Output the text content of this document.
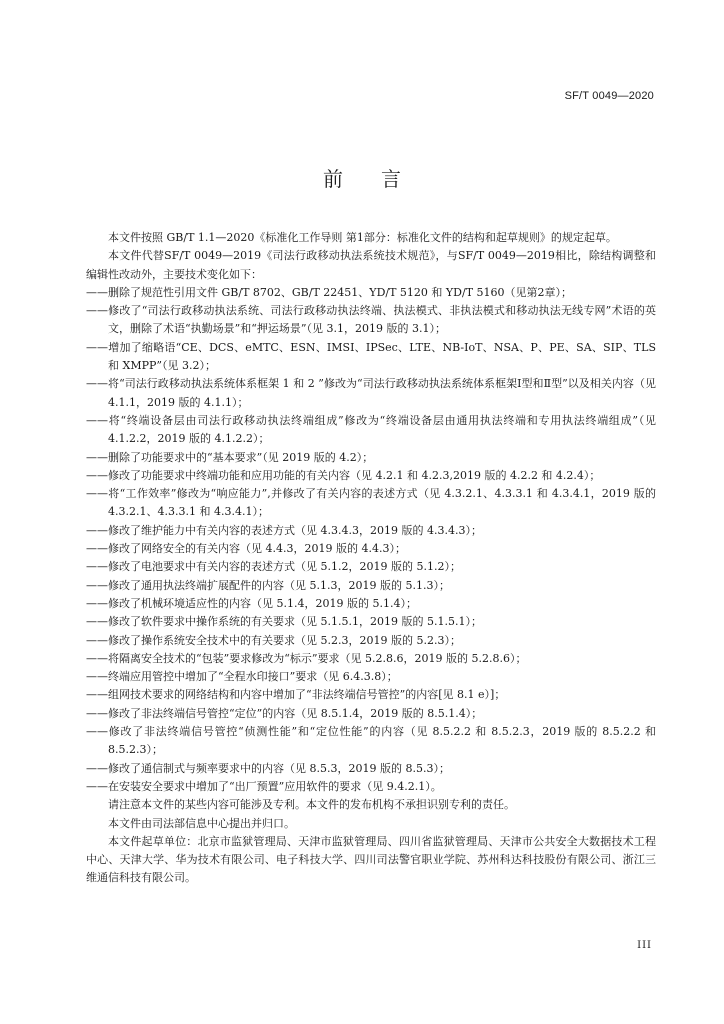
SF/T 0049—2020
前言

本文件按照 GB/T 1.1—2020《标准化工作导则 第1部分：标准化文件的结构和起草规则》的规定起草。

本文件代替SF/T 0049—2019《司法行政移动执法系统技术规范》，与SF/T 0049—2019相比，除结构调整和编辑性改动外，主要技术变化如下：

——删除了规范性引用文件 GB/T 8702、GB/T 22451、YD/T 5120 和 YD/T 5160（见第2章）；

——修改了“司法行政移动执法系统、司法行政移动执法终端、执法模式、非执法模式和移动执法无线专网”术语的英文，删除了术语“执勤场景”和“押运场景”（见 3.1，2019 版的 3.1）；

——增加了缩略语“CE、DCS、eMTC、ESN、IMSI、IPSec、LTE、NB-IoT、NSA、P、PE、SA、SIP、TLS 和 XMPP”（见 3.2）；

——将“司法行政移动执法系统体系框架 1 和 2 ”修改为“司法行政移动执法系统体系框架Ⅰ型和Ⅱ型”以及相关内容（见 4.1.1，2019 版的 4.1.1）；

——将“终端设备层由司法行政移动执法终端组成”修改为“终端设备层由通用执法终端和专用执法终端组成”（见 4.1.2.2，2019 版的 4.1.2.2）；

——删除了功能要求中的“基本要求”（见 2019 版的 4.2）；

——修改了功能要求中终端功能和应用功能的有关内容（见 4.2.1 和 4.2.3,2019 版的 4.2.2 和 4.2.4）；

——将“工作效率”修改为“响应能力”,并修改了有关内容的表述方式（见 4.3.2.1、4.3.3.1 和 4.3.4.1，2019 版的 4.3.2.1、4.3.3.1 和 4.3.4.1）；

——修改了维护能力中有关内容的表述方式（见 4.3.4.3，2019 版的 4.3.4.3）；

——修改了网络安全的有关内容（见 4.4.3，2019 版的 4.4.3）；

——修改了电池要求中有关内容的表述方式（见 5.1.2，2019 版的 5.1.2）；

——修改了通用执法终端扩展配件的内容（见 5.1.3，2019 版的 5.1.3）；

——修改了机械环境适应性的内容（见 5.1.4，2019 版的 5.1.4）；

——修改了软件要求中操作系统的有关要求（见 5.1.5.1，2019 版的 5.1.5.1）；

——修改了操作系统安全技术中的有关要求（见 5.2.3，2019 版的 5.2.3）；

——将隔离安全技术的“包装”要求修改为“标示”要求（见 5.2.8.6，2019 版的 5.2.8.6）；

——终端应用管控中增加了“全程水印接口”要求（见 6.4.3.8）；

——组网技术要求的网络结构和内容中增加了“非法终端信号管控”的内容[见 8.1 e）]；

——修改了非法终端信号管控“定位”的内容（见 8.5.1.4，2019 版的 8.5.1.4）；

——修改了非法终端信号管控“侦测性能”和“定位性能”的内容（见 8.5.2.2 和 8.5.2.3，2019 版的 8.5.2.2 和 8.5.2.3）；

——修改了通信制式与频率要求中的内容（见 8.5.3，2019 版的 8.5.3）；

——在安装安全要求中增加了“出厂预置”应用软件的要求（见 9.4.2.1）。

请注意本文件的某些内容可能涉及专利。本文件的发布机构不承担识别专利的责任。

本文件由司法部信息中心提出并归口。

本文件起草单位：北京市监狱管理局、天津市监狱管理局、四川省监狱管理局、天津市公共安全大数据技术工程中心、天津大学、华为技术有限公司、电子科技大学、四川司法警官职业学院、苏州科达科技股份有限公司、浙江三维通信科技有限公司。

III
